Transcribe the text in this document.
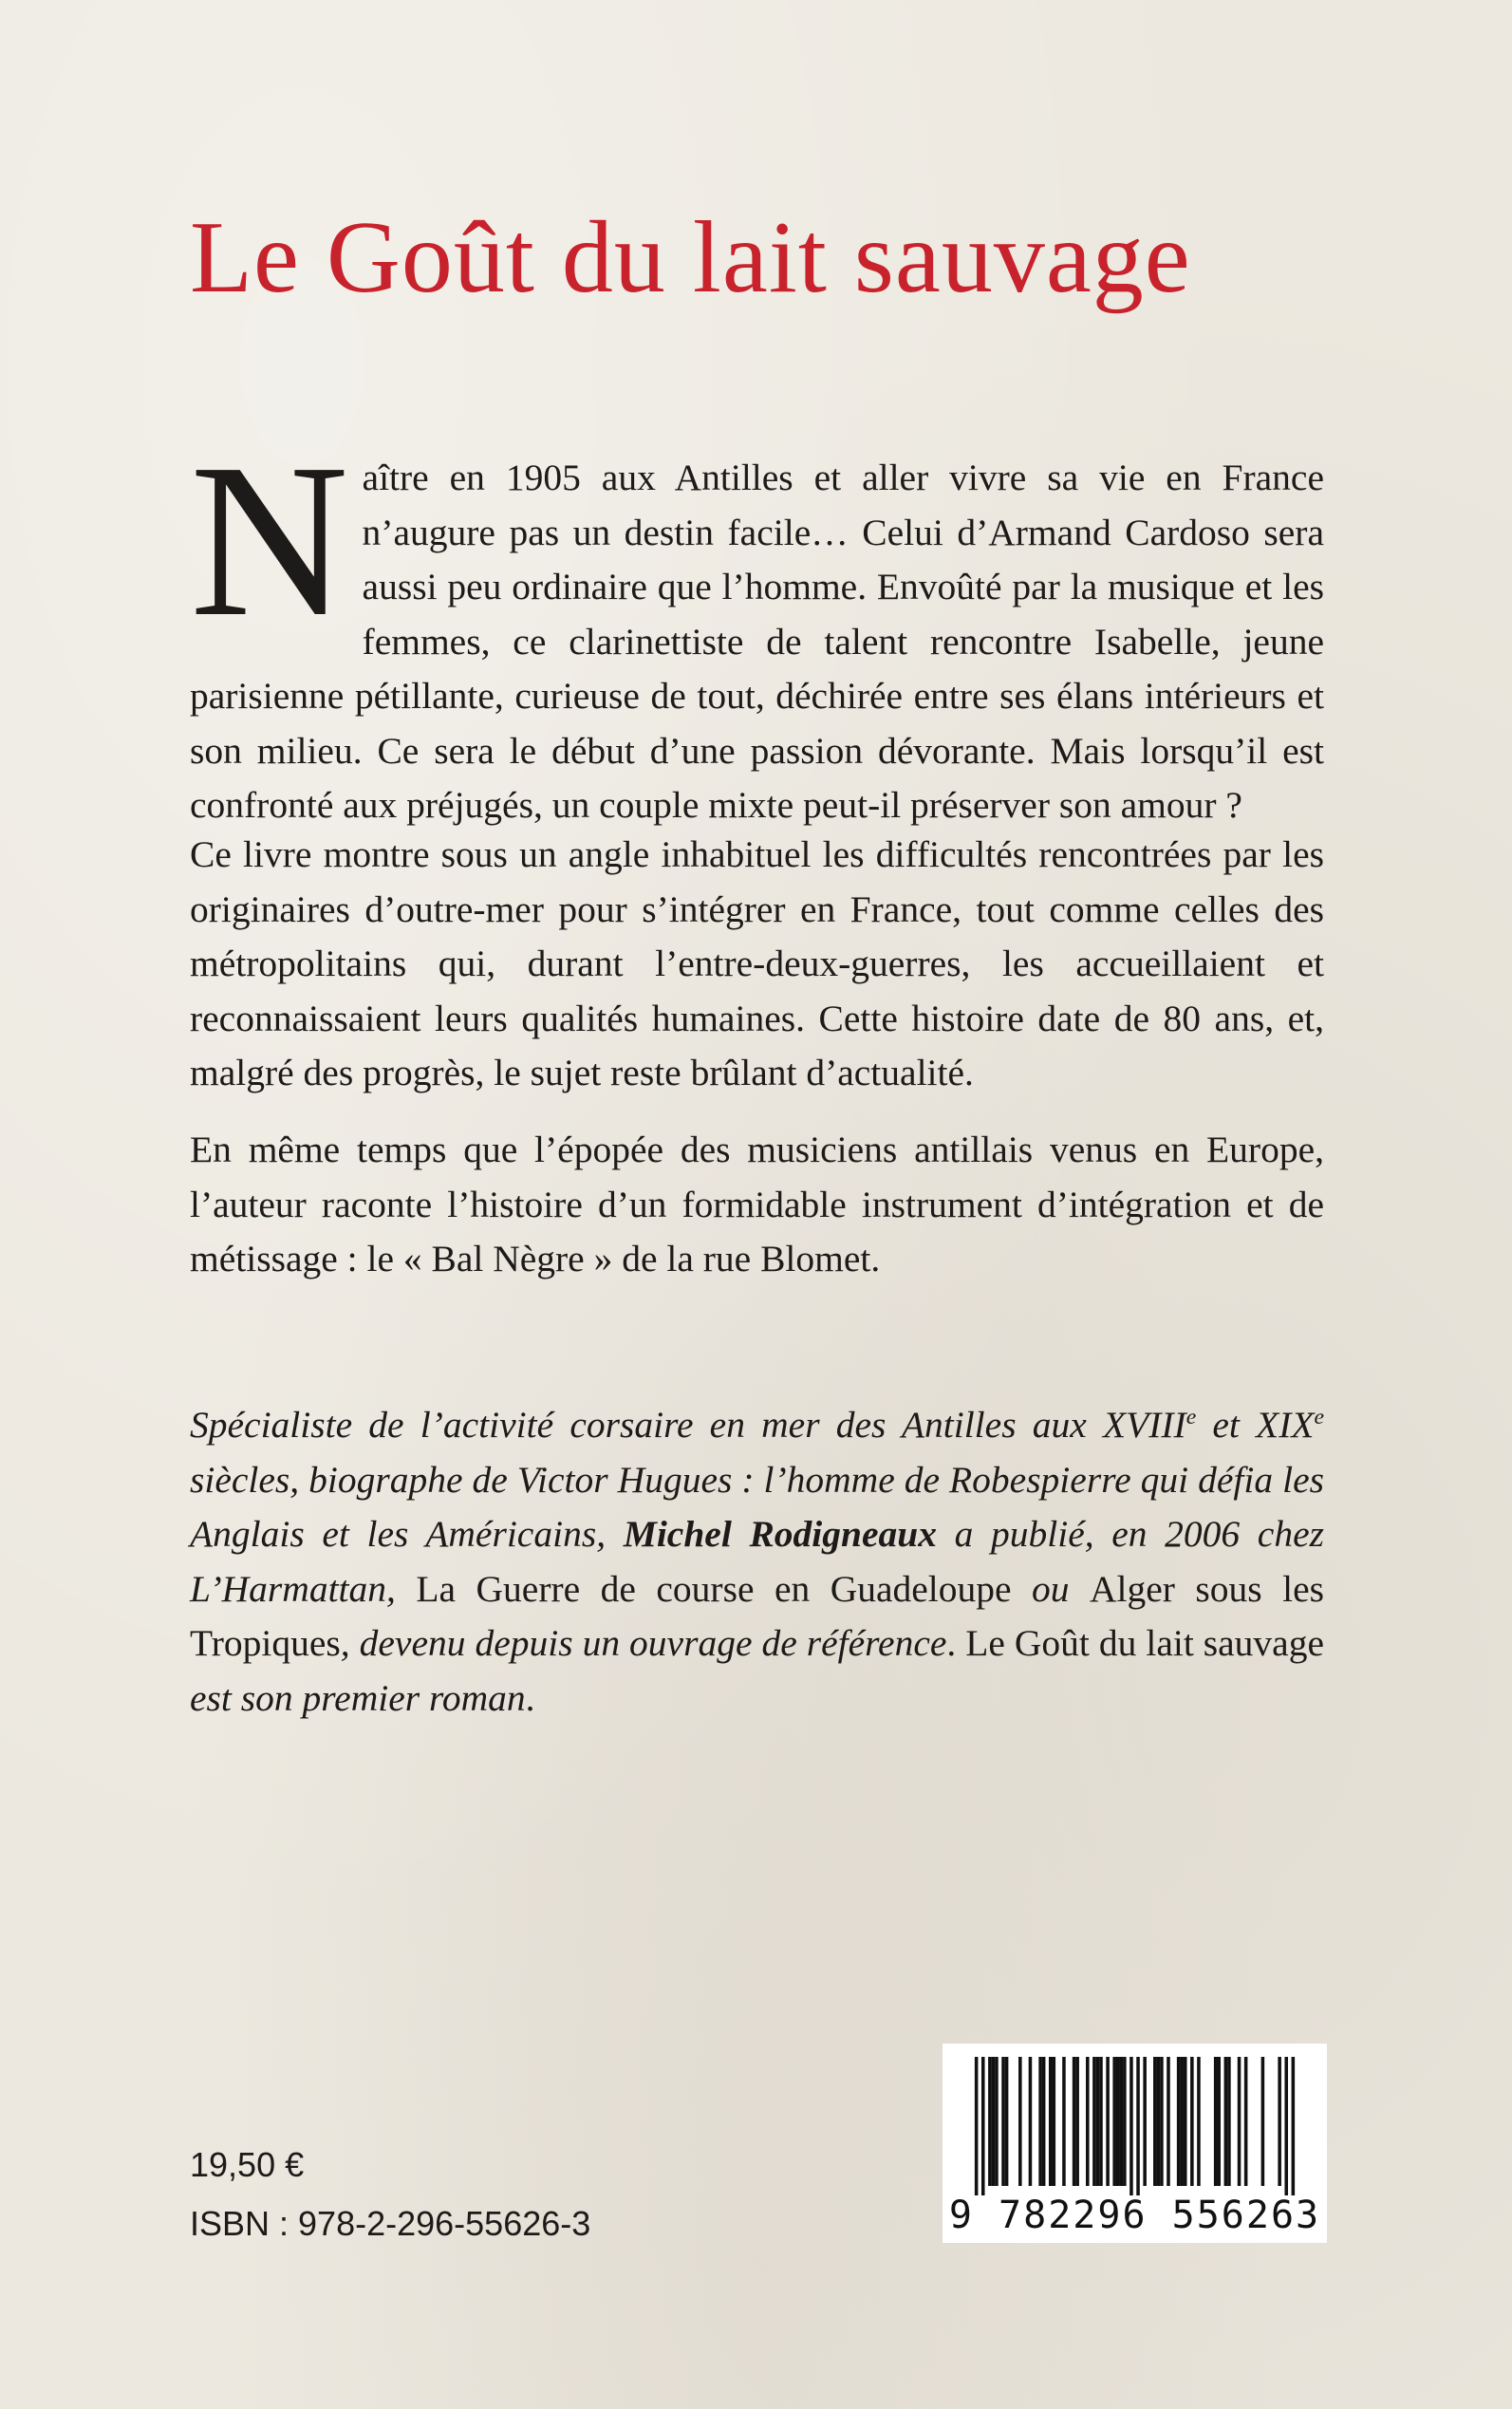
Le Goût du lait sauvage
N aître en 1905 aux Antilles et aller vivre sa vie en France n’augure pas un destin facile… Celui d’Armand Cardoso sera aussi peu ordinaire que l’homme. Envoûté par la musique et les femmes, ce clarinettiste de talent rencontre Isabelle, jeune parisienne pétillante, curieuse de tout, déchirée entre ses élans intérieurs et son milieu. Ce sera le début d’une passion dévorante. Mais lorsqu’il est confronté aux préjugés, un couple mixte peut-il préserver son amour ?

Ce livre montre sous un angle inhabituel les difficultés rencontrées par les originaires d’outre-mer pour s’intégrer en France, tout comme celles des métropolitains qui, durant l’entre-deux-guerres, les accueillaient et reconnaissaient leurs qualités humaines. Cette histoire date de 80 ans, et, malgré des progrès, le sujet reste brûlant d’actualité.

En même temps que l’épopée des musiciens antillais venus en Europe, l’auteur raconte l’histoire d’un formidable instrument d’intégration et de métissage : le « Bal Nègre » de la rue Blomet.

Spécialiste de l’activité corsaire en mer des Antilles aux XVIIIe et XIXe siècles, biographe de Victor Hugues : l’homme de Robespierre qui défia les Anglais et les Américains, Michel Rodigneaux a publié, en 2006 chez L’Harmattan, La Guerre de course en Guadeloupe ou Alger sous les Tropiques, devenu depuis un ouvrage de référence. Le Goût du lait sauvage est son premier roman.

19,50 €
ISBN : 978-2-296-55626-3	9 782296 556263
